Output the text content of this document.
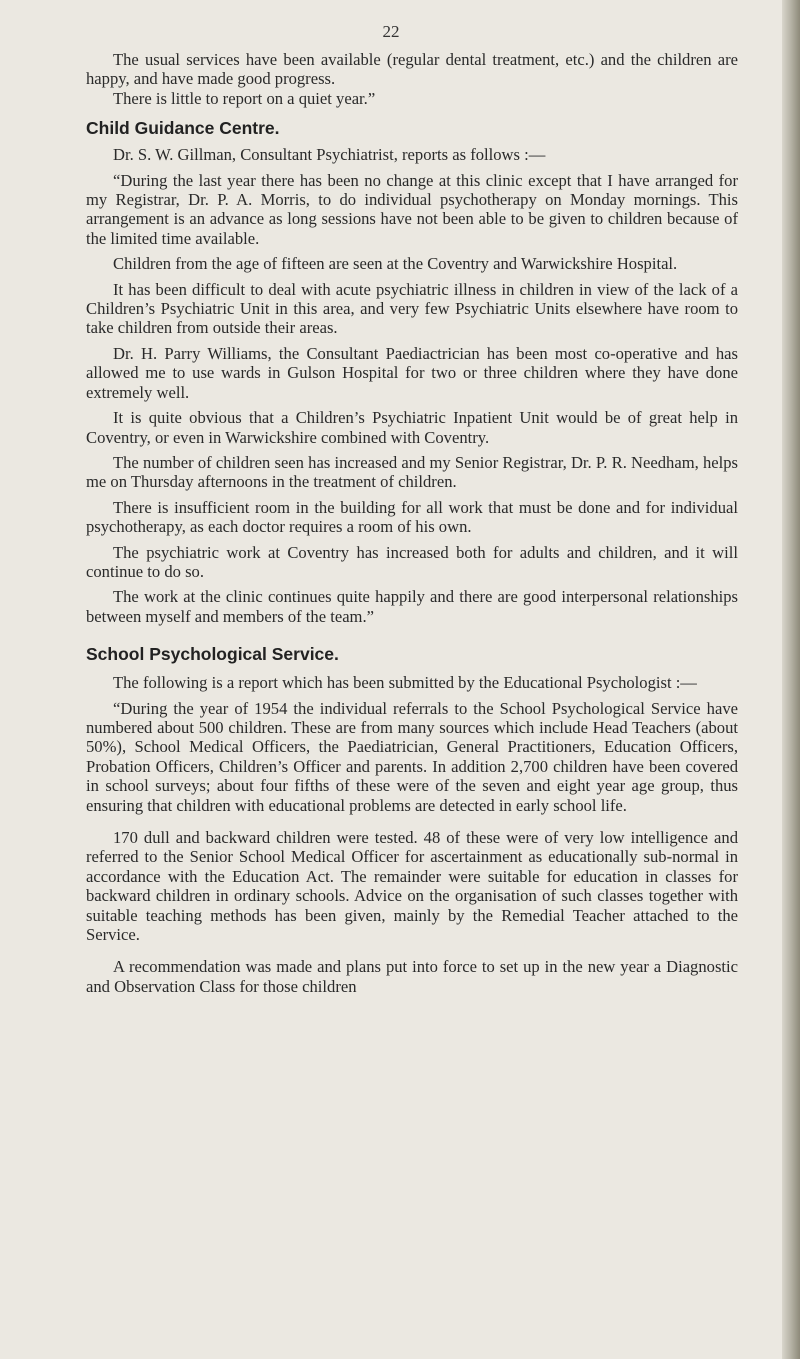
22

The usual services have been available (regular dental treatment, etc.) and the children are happy, and have made good progress.

There is little to report on a quiet year.”

Child Guidance Centre.

Dr. S. W. Gillman, Consultant Psychiatrist, reports as follows :—

“During the last year there has been no change at this clinic except that I have arranged for my Registrar, Dr. P. A. Morris, to do individual psychotherapy on Monday mornings. This arrangement is an advance as long sessions have not been able to be given to children because of the limited time available.

Children from the age of fifteen are seen at the Coventry and Warwickshire Hospital.

It has been difficult to deal with acute psychiatric illness in children in view of the lack of a Children’s Psychiatric Unit in this area, and very few Psychiatric Units elsewhere have room to take children from outside their areas.

Dr. H. Parry Williams, the Consultant Paediactrician has been most co-operative and has allowed me to use wards in Gulson Hospital for two or three children where they have done extremely well.

It is quite obvious that a Children’s Psychiatric Inpatient Unit would be of great help in Coventry, or even in Warwickshire combined with Coventry.

The number of children seen has increased and my Senior Registrar, Dr. P. R. Needham, helps me on Thursday afternoons in the treatment of children.

There is insufficient room in the building for all work that must be done and for individual psychotherapy, as each doctor requires a room of his own.

The psychiatric work at Coventry has increased both for adults and children, and it will continue to do so.

The work at the clinic continues quite happily and there are good interpersonal relationships between myself and members of the team.”

School Psychological Service.

The following is a report which has been submitted by the Educational Psychologist :—

“During the year of 1954 the individual referrals to the School Psychological Service have numbered about 500 children. These are from many sources which include Head Teachers (about 50%), School Medical Officers, the Paediatrician, General Practitioners, Education Officers, Probation Officers, Children’s Officer and parents. In addition 2,700 children have been covered in school surveys; about four fifths of these were of the seven and eight year age group, thus ensuring that children with educational problems are detected in early school life.

170 dull and backward children were tested. 48 of these were of very low intelligence and referred to the Senior School Medical Officer for ascertainment as educationally sub-normal in accordance with the Education Act. The remainder were suitable for education in classes for backward children in ordinary schools. Advice on the organisation of such classes together with suitable teaching methods has been given, mainly by the Remedial Teacher attached to the Service.

A recommendation was made and plans put into force to set up in the new year a Diagnostic and Observation Class for those children
